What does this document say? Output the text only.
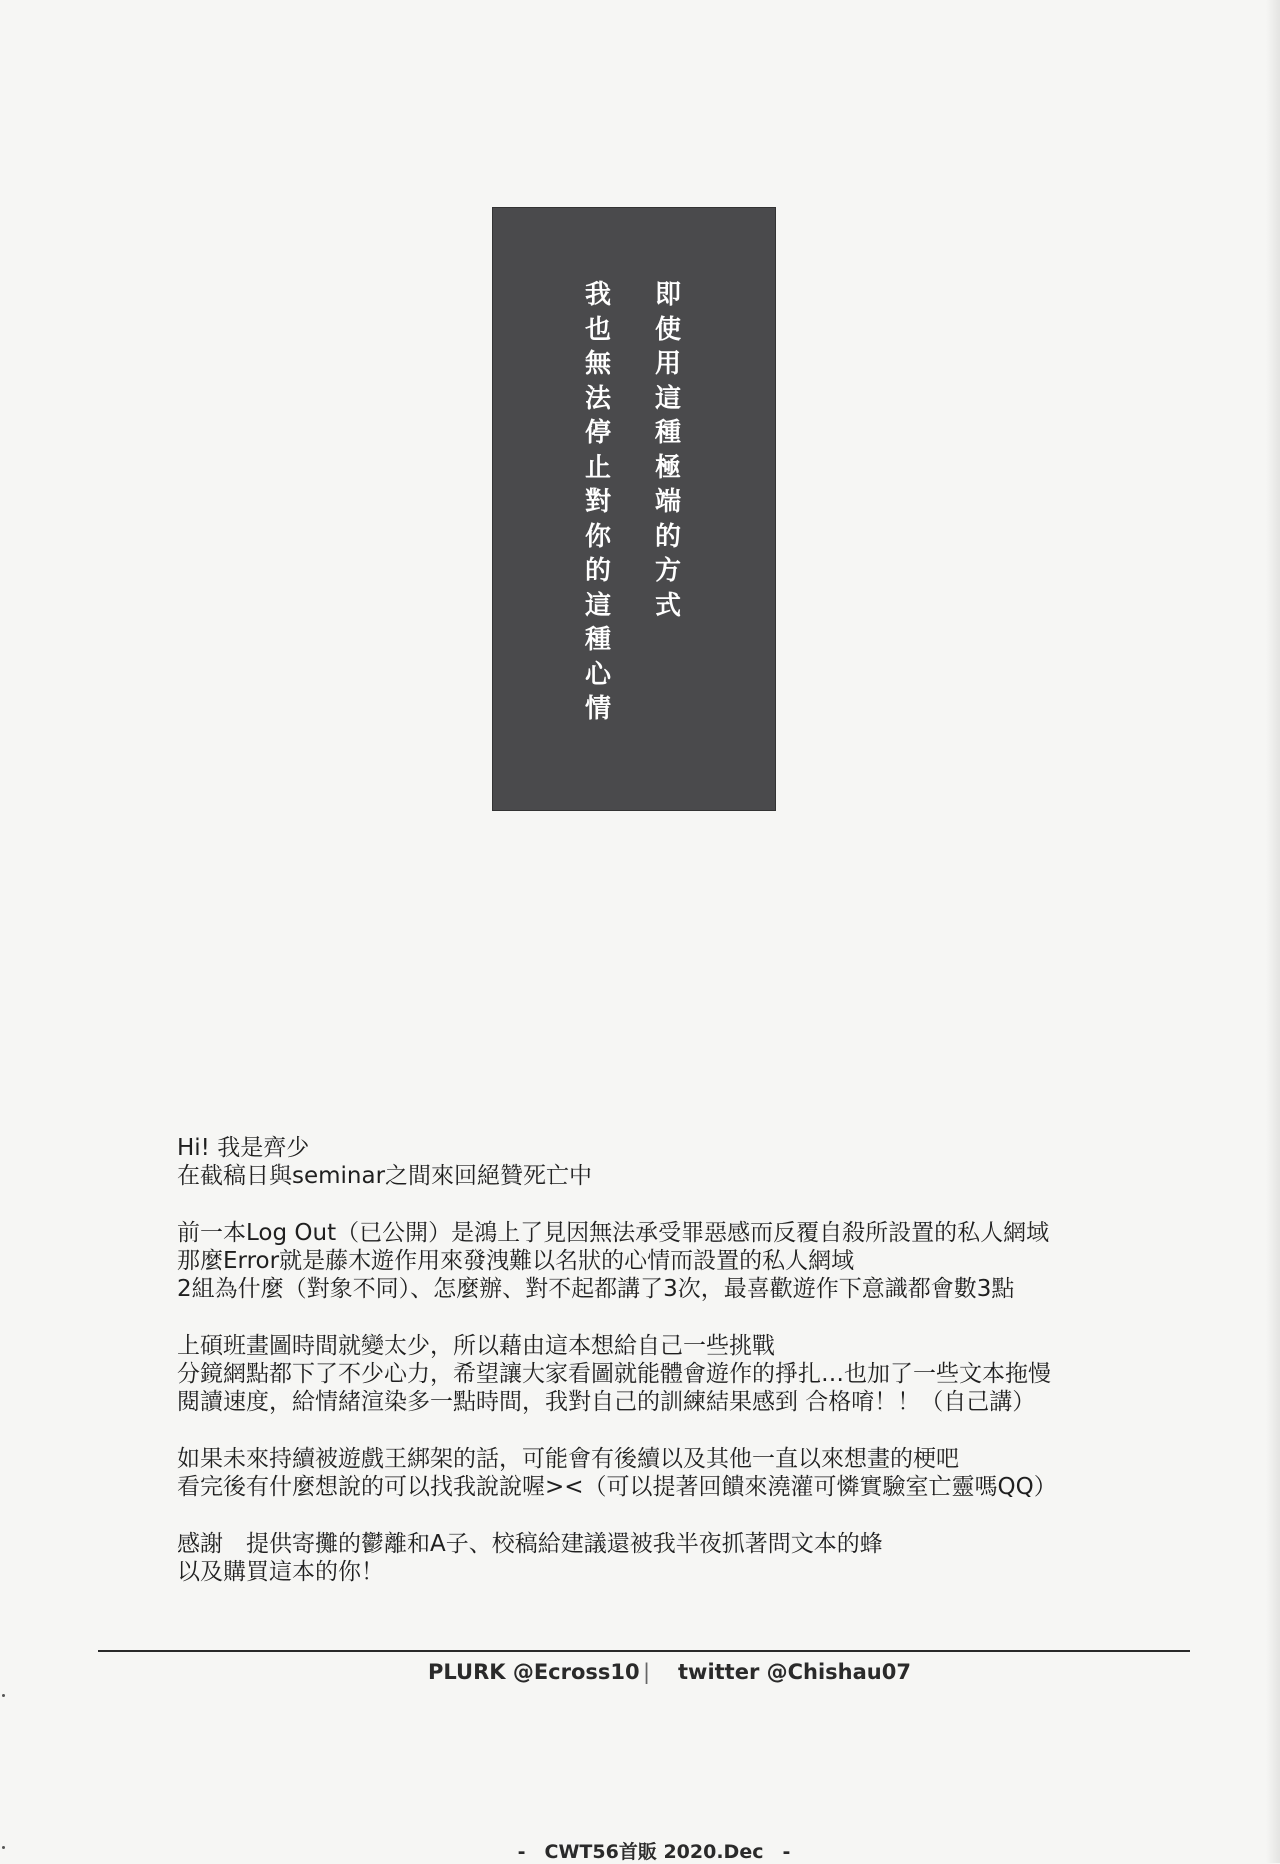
即
使
用
這
種
極
端
的
方
式
我
也
無
法
停
止
對
你
的
這
種
心
情
Hi! 我是齊少
在截稿日與seminar之間來回絕贊死亡中
前一本Log Out（已公開）是鴻上了見因無法承受罪惡感而反覆自殺所設置的私人網域
那麼Error就是藤木遊作用來發洩難以名狀的心情而設置的私人網域
2組為什麼（對象不同）、怎麼辦、對不起都講了3次，最喜歡遊作下意識都會數3點
上碩班畫圖時間就變太少，所以藉由這本想給自己一些挑戰
分鏡網點都下了不少心力，希望讓大家看圖就能體會遊作的掙扎…也加了一些文本拖慢
閱讀速度，給情緒渲染多一點時間，我對自己的訓練結果感到 合格唷！！（自己講）
如果未來持續被遊戲王綁架的話，可能會有後續以及其他一直以來想畫的梗吧
看完後有什麼想說的可以找我說說喔><（可以提著回饋來澆灌可憐實驗室亡靈嗎QQ）
感謝　提供寄攤的鬱離和A子、校稿給建議還被我半夜抓著問文本的蜂
以及購買這本的你！
PLURK @Ecross10 | twitter @Chishau07
-　CWT56首販 2020.Dec　-
